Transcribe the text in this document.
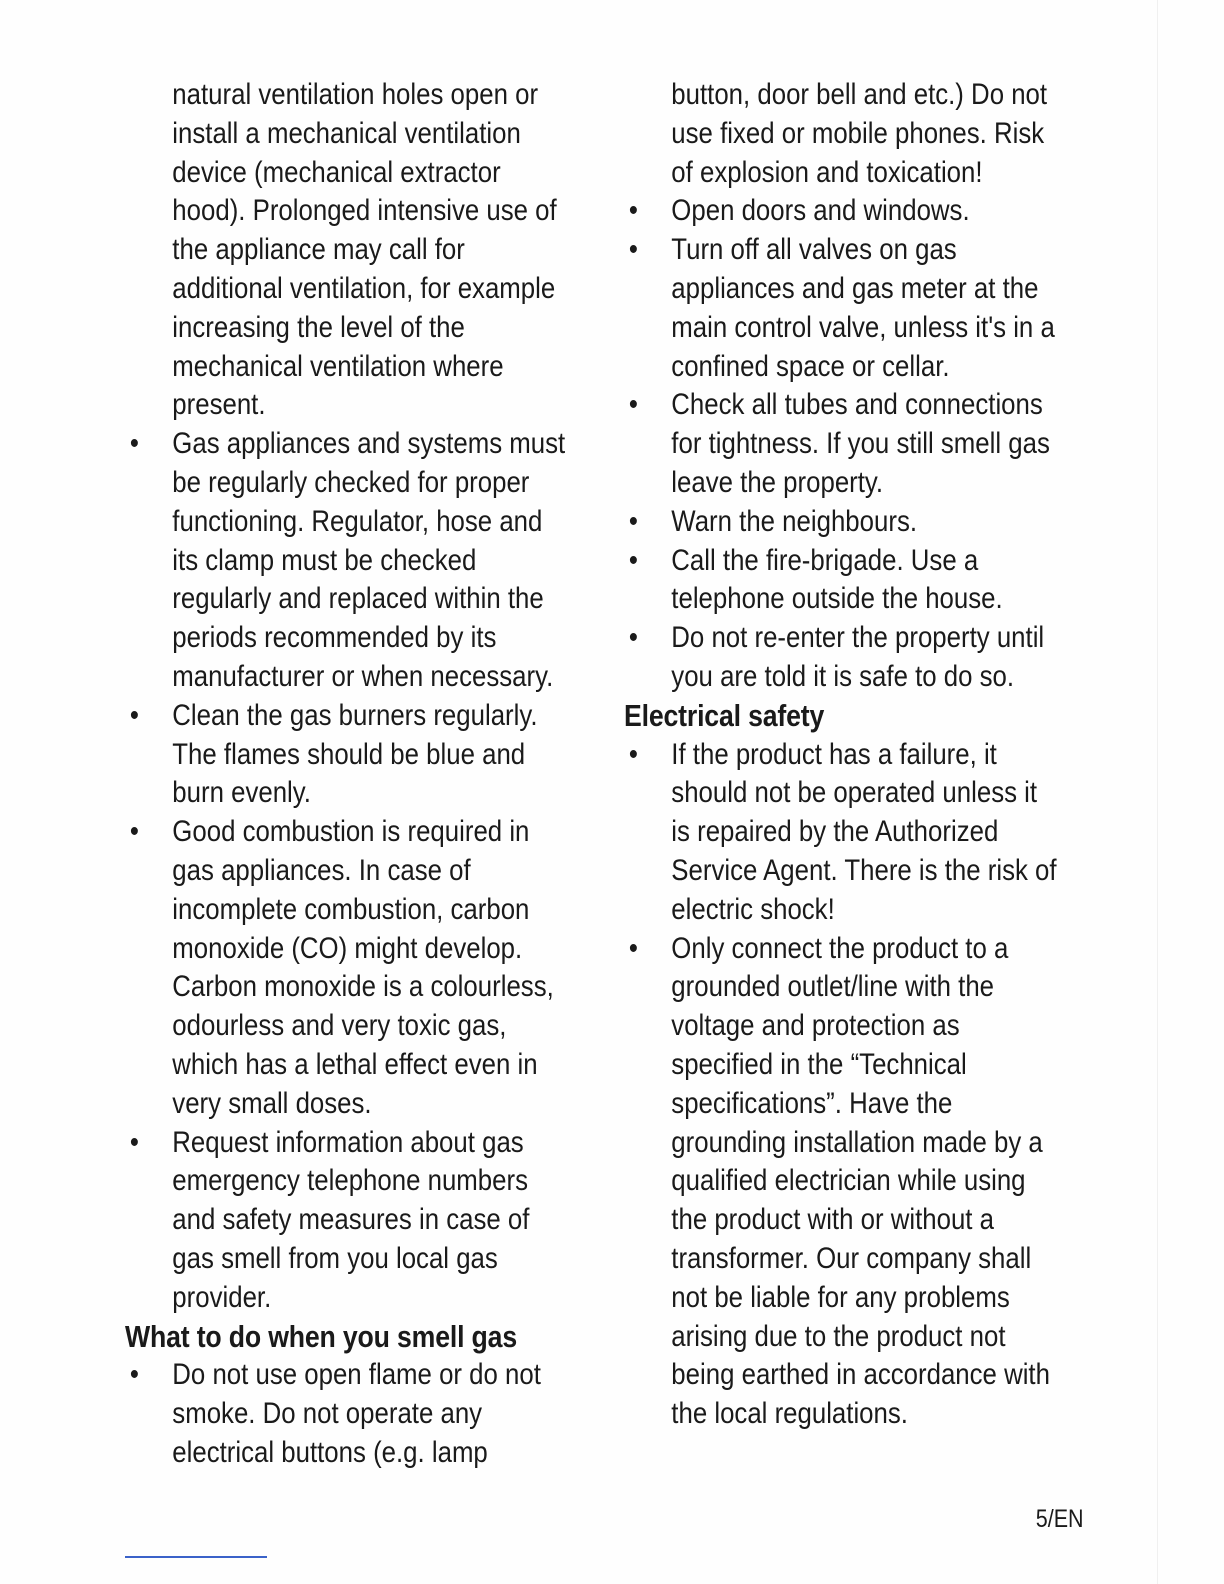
natural ventilation holes open or
install a mechanical ventilation
device (mechanical extractor
hood). Prolonged intensive use of
the appliance may call for
additional ventilation, for example
increasing the level of the
mechanical ventilation where
present.

•
Gas appliances and systems must
be regularly checked for proper
functioning. Regulator, hose and
its clamp must be checked
regularly and replaced within the
periods recommended by its
manufacturer or when necessary.
•
Clean the gas burners regularly.
The flames should be blue and
burn evenly.
•
Good combustion is required in
gas appliances. In case of
incomplete combustion, carbon
monoxide (CO) might develop.
Carbon monoxide is a colourless,
odourless and very toxic gas,
which has a lethal effect even in
very small doses.
•
Request information about gas
emergency telephone numbers
and safety measures in case of
gas smell from you local gas
provider.
What to do when you smell gas
•
Do not use open flame or do not
smoke. Do not operate any
electrical buttons (e.g. lamp

button, door bell and etc.) Do not
use fixed or mobile phones. Risk
of explosion and toxication!

•
Open doors and windows.
•
Turn off all valves on gas
appliances and gas meter at the
main control valve, unless it's in a
confined space or cellar.
•
Check all tubes and connections
for tightness. If you still smell gas
leave the property.
•
Warn the neighbours.
•
Call the fire-brigade. Use a
telephone outside the house.
•
Do not re-enter the property until
you are told it is safe to do so.
Electrical safety
•
If the product has a failure, it
should not be operated unless it
is repaired by the Authorized
Service Agent. There is the risk of
electric shock!
•
Only connect the product to a
grounded outlet/line with the
voltage and protection as
specified in the “Technical
specifications”. Have the
grounding installation made by a
qualified electrician while using
the product with or without a
transformer. Our company shall
not be liable for any problems
arising due to the product not
being earthed in accordance with
the local regulations.
5/EN
